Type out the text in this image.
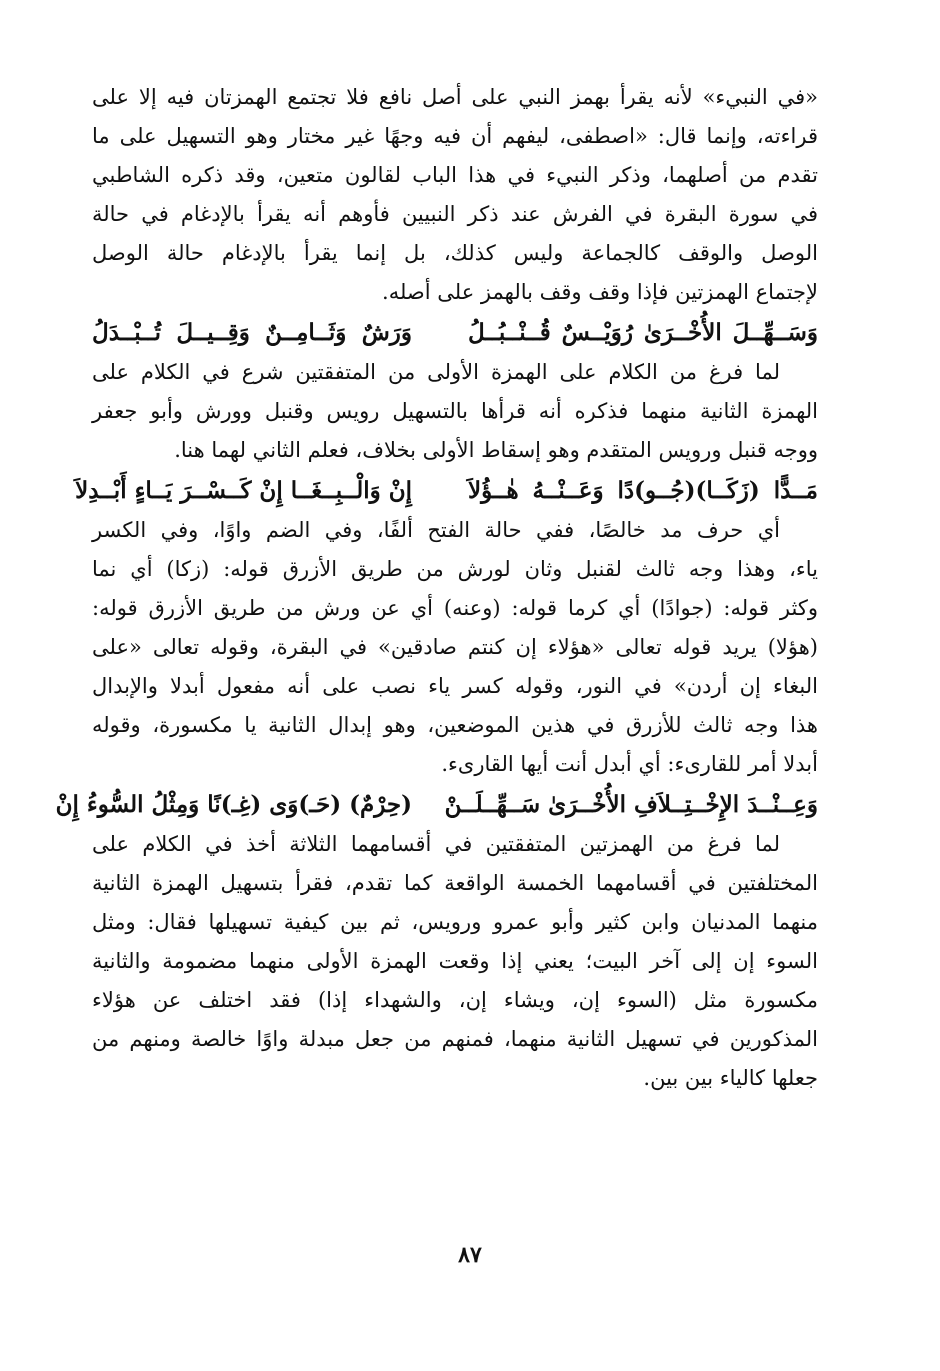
«في النبيء» لأنه يقرأ بهمز النبي على أصل نافع فلا تجتمع الهمزتان فيه إلا على
قراءته، وإنما قال: «اصطفى، ليفهم أن فيه وجهًا غير مختار وهو التسهيل على ما
تقدم من أصلهما، وذكر النبيء في هذا الباب لقالون متعين، وقد ذكره الشاطبي
في سورة البقرة في الفرش عند ذكر النبيين فأوهم أنه يقرأ بالإدغام في حالة
الوصل والوقف كالجماعة وليس كذلك، بل إنما يقرأ بالإدغام حالة الوصل
لإجتماع الهمزتين فإذا وقف وقف بالهمز على أصله.
وَسَــهِّــلَ الأُخْــرَىٰ رُوَيْــسٌ قُــنْــبُــلُ
وَرَشٌ وَثَــامِــنٌ وَقِــيــلَ تُــبْــدَلُ
لما فرغ من الكلام على الهمزة الأولى من المتفقتين شرع في الكلام على
الهمزة الثانية منهما فذكره أنه قرأها بالتسهيل رويس وقنبل وورش وأبو جعفر
ووجه قنبل ورويس المتقدم وهو إسقاط الأولى بخلاف، فعلم الثاني لهما هنا.
مَــدًّا (زَكَــا)(جُــو)دًا وَعَــنْــهُ هٰــؤُلاَ
إِنْ وَالْــبِــغَــا إِنْ كَــسْــرَ يَــاءٍ أَبْــدِلاَ
أي حرف مد خالصًا، ففي حالة الفتح ألفًا، وفي الضم واوًا، وفي الكسر
ياء، وهذا وجه ثالث لقنبل وثان لورش من طريق الأزرق قوله: (زكا) أي نما
وكثر قوله: (جوادًا) أي كرما قوله: (وعنه) أي عن ورش من طريق الأزرق قوله:
(هؤلا) يريد قوله تعالى «هؤلاء إن كنتم صادقين» في البقرة، وقوله تعالى «على
البغاء إن أردن» في النور، وقوله كسر ياء نصب على أنه مفعول أبدلا والإبدال
هذا وجه ثالث للأزرق في هذين الموضعين، وهو إبدال الثانية يا مكسورة، وقوله
أبدلا أمر للقارىء: أي أبدل أنت أيها القارىء.
وَعِــنْــدَ الإِخْــتِــلاَفِ الأُخْــرَىٰ سَــهِّــلَــنْ
(حِرْمٌ) (حَـ)وَى (غِـ)نًا وَمِثْلُ السُّوءُ إِنْ
لما فرغ من الهمزتين المتفقتين في أقسامهما الثلاثة أخذ في الكلام على
المختلفتين في أقسامهما الخمسة الواقعة كما تقدم، فقرأ بتسهيل الهمزة الثانية
منهما المدنيان وابن كثير وأبو عمرو ورويس، ثم بين كيفية تسهيلها فقال: ومثل
السوء إن إلى آخر البيت؛ يعني إذا وقعت الهمزة الأولى منهما مضمومة والثانية
مكسورة مثل (السوء إن، ويشاء إن، والشهداء إذا) فقد اختلف عن هؤلاء
المذكورين في تسهيل الثانية منهما، فمنهم من جعل مبدلة واوًا خالصة ومنهم من
جعلها كالياء بين بين.
٨٧
